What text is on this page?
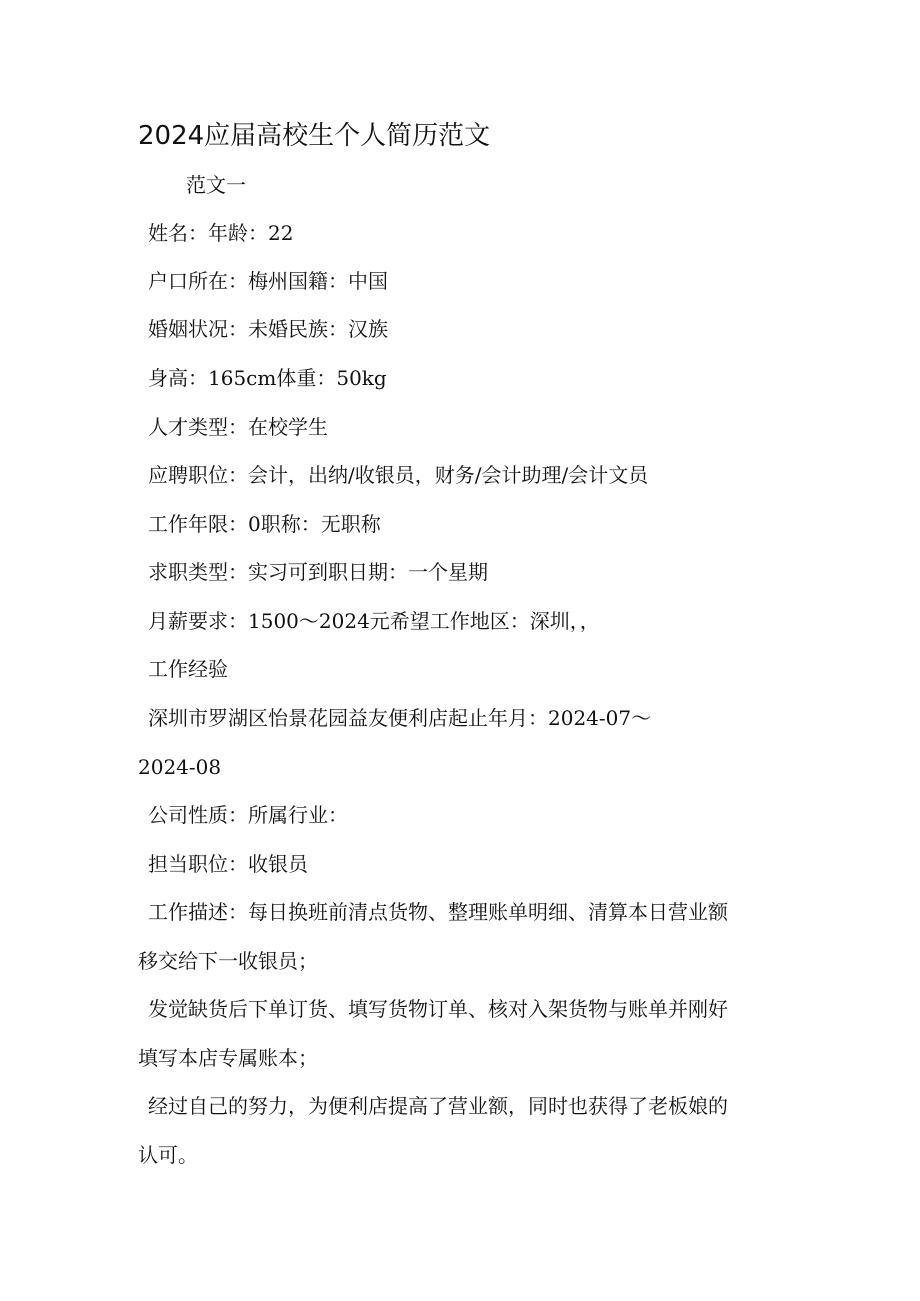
2024应届高校生个人简历范文
范文一
姓名：年龄：22
户口所在：梅州国籍：中国
婚姻状况：未婚民族：汉族
身高：165cm体重：50kg
人才类型：在校学生
应聘职位：会计，出纳/收银员，财务/会计助理/会计文员
工作年限：0职称：无职称
求职类型：实习可到职日期：一个星期
月薪要求：1500～2024元希望工作地区：深圳，，
工作经验
深圳市罗湖区怡景花园益友便利店起止年月：2024-07～
2024-08
公司性质：所属行业：
担当职位：收银员
工作描述：每日换班前清点货物、整理账单明细、清算本日营业额
移交给下一收银员；
发觉缺货后下单订货、填写货物订单、核对入架货物与账单并刚好
填写本店专属账本；
经过自己的努力，为便利店提高了营业额，同时也获得了老板娘的
认可。
